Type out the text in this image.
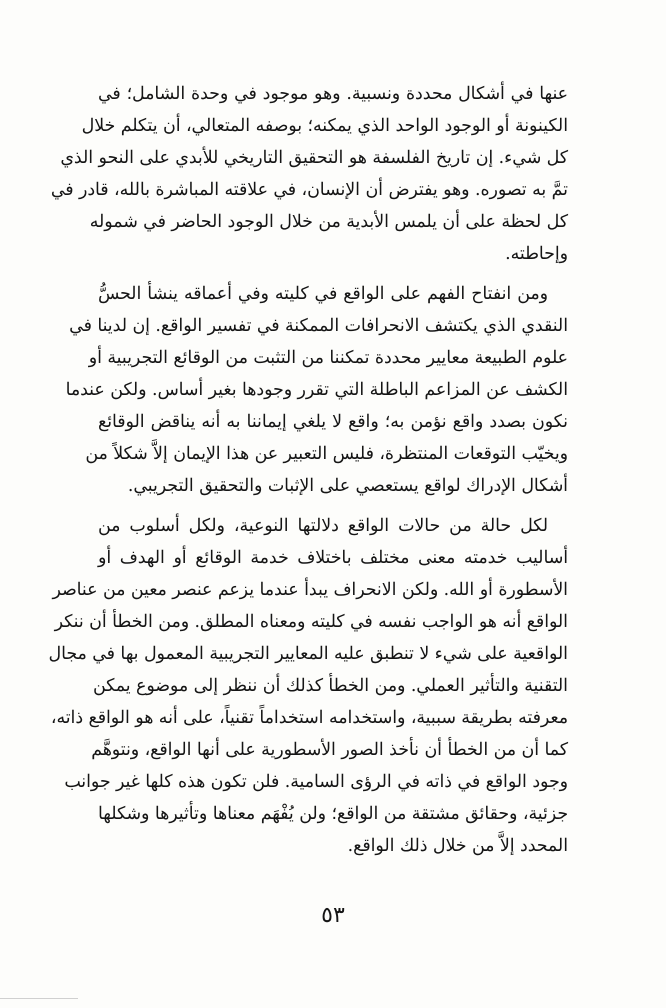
عنها في أشكال محددة ونسبية. وهو موجود في وحدة الشامل؛ في
الكينونة أو الوجود الواحد الذي يمكنه؛ بوصفه المتعالي، أن يتكلم خلال
كل شيء. إن تاريخ الفلسفة هو التحقيق التاريخي للأبدي على النحو الذي
تمَّ به تصوره. وهو يفترض أن الإنسان، في علاقته المباشرة بالله، قادر في
كل لحظة على أن يلمس الأبدية من خلال الوجود الحاضر في شموله
وإحاطته.
ومن انفتاح الفهم على الواقع في كليته وفي أعماقه ينشأ الحسُّ
النقدي الذي يكتشف الانحرافات الممكنة في تفسير الواقع. إن لدينا في
علوم الطبيعة معايير محددة تمكننا من التثبت من الوقائع التجريبية أو
الكشف عن المزاعم الباطلة التي تقرر وجودها بغير أساس. ولكن عندما
نكون بصدد واقع نؤمن به؛ واقع لا يلغي إيماننا به أنه يناقض الوقائع
ويخيّب التوقعات المنتظرة، فليس التعبير عن هذا الإيمان إلاَّ شكلاً من
أشكال الإدراك لواقع يستعصي على الإثبات والتحقيق التجريبي.
لكل حالة من حالات الواقع دلالتها النوعية، ولكل أسلوب من
أساليب خدمته معنى مختلف باختلاف خدمة الوقائع أو الهدف أو
الأسطورة أو الله. ولكن الانحراف يبدأ عندما يزعم عنصر معين من عناصر
الواقع أنه هو الواجب نفسه في كليته ومعناه المطلق. ومن الخطأ أن ننكر
الواقعية على شيء لا تنطبق عليه المعايير التجريبية المعمول بها في مجال
التقنية والتأثير العملي. ومن الخطأ كذلك أن ننظر إلى موضوع يمكن
معرفته بطريقة سببية، واستخدامه استخداماً تقنياً، على أنه هو الواقع ذاته،
كما أن من الخطأ أن نأخذ الصور الأسطورية على أنها الواقع، ونتوهَّم
وجود الواقع في ذاته في الرؤى السامية. فلن تكون هذه كلها غير جوانب
جزئية، وحقائق مشتقة من الواقع؛ ولن يُفْهَم معناها وتأثيرها وشكلها
المحدد إلاَّ من خلال ذلك الواقع.
٥٣
